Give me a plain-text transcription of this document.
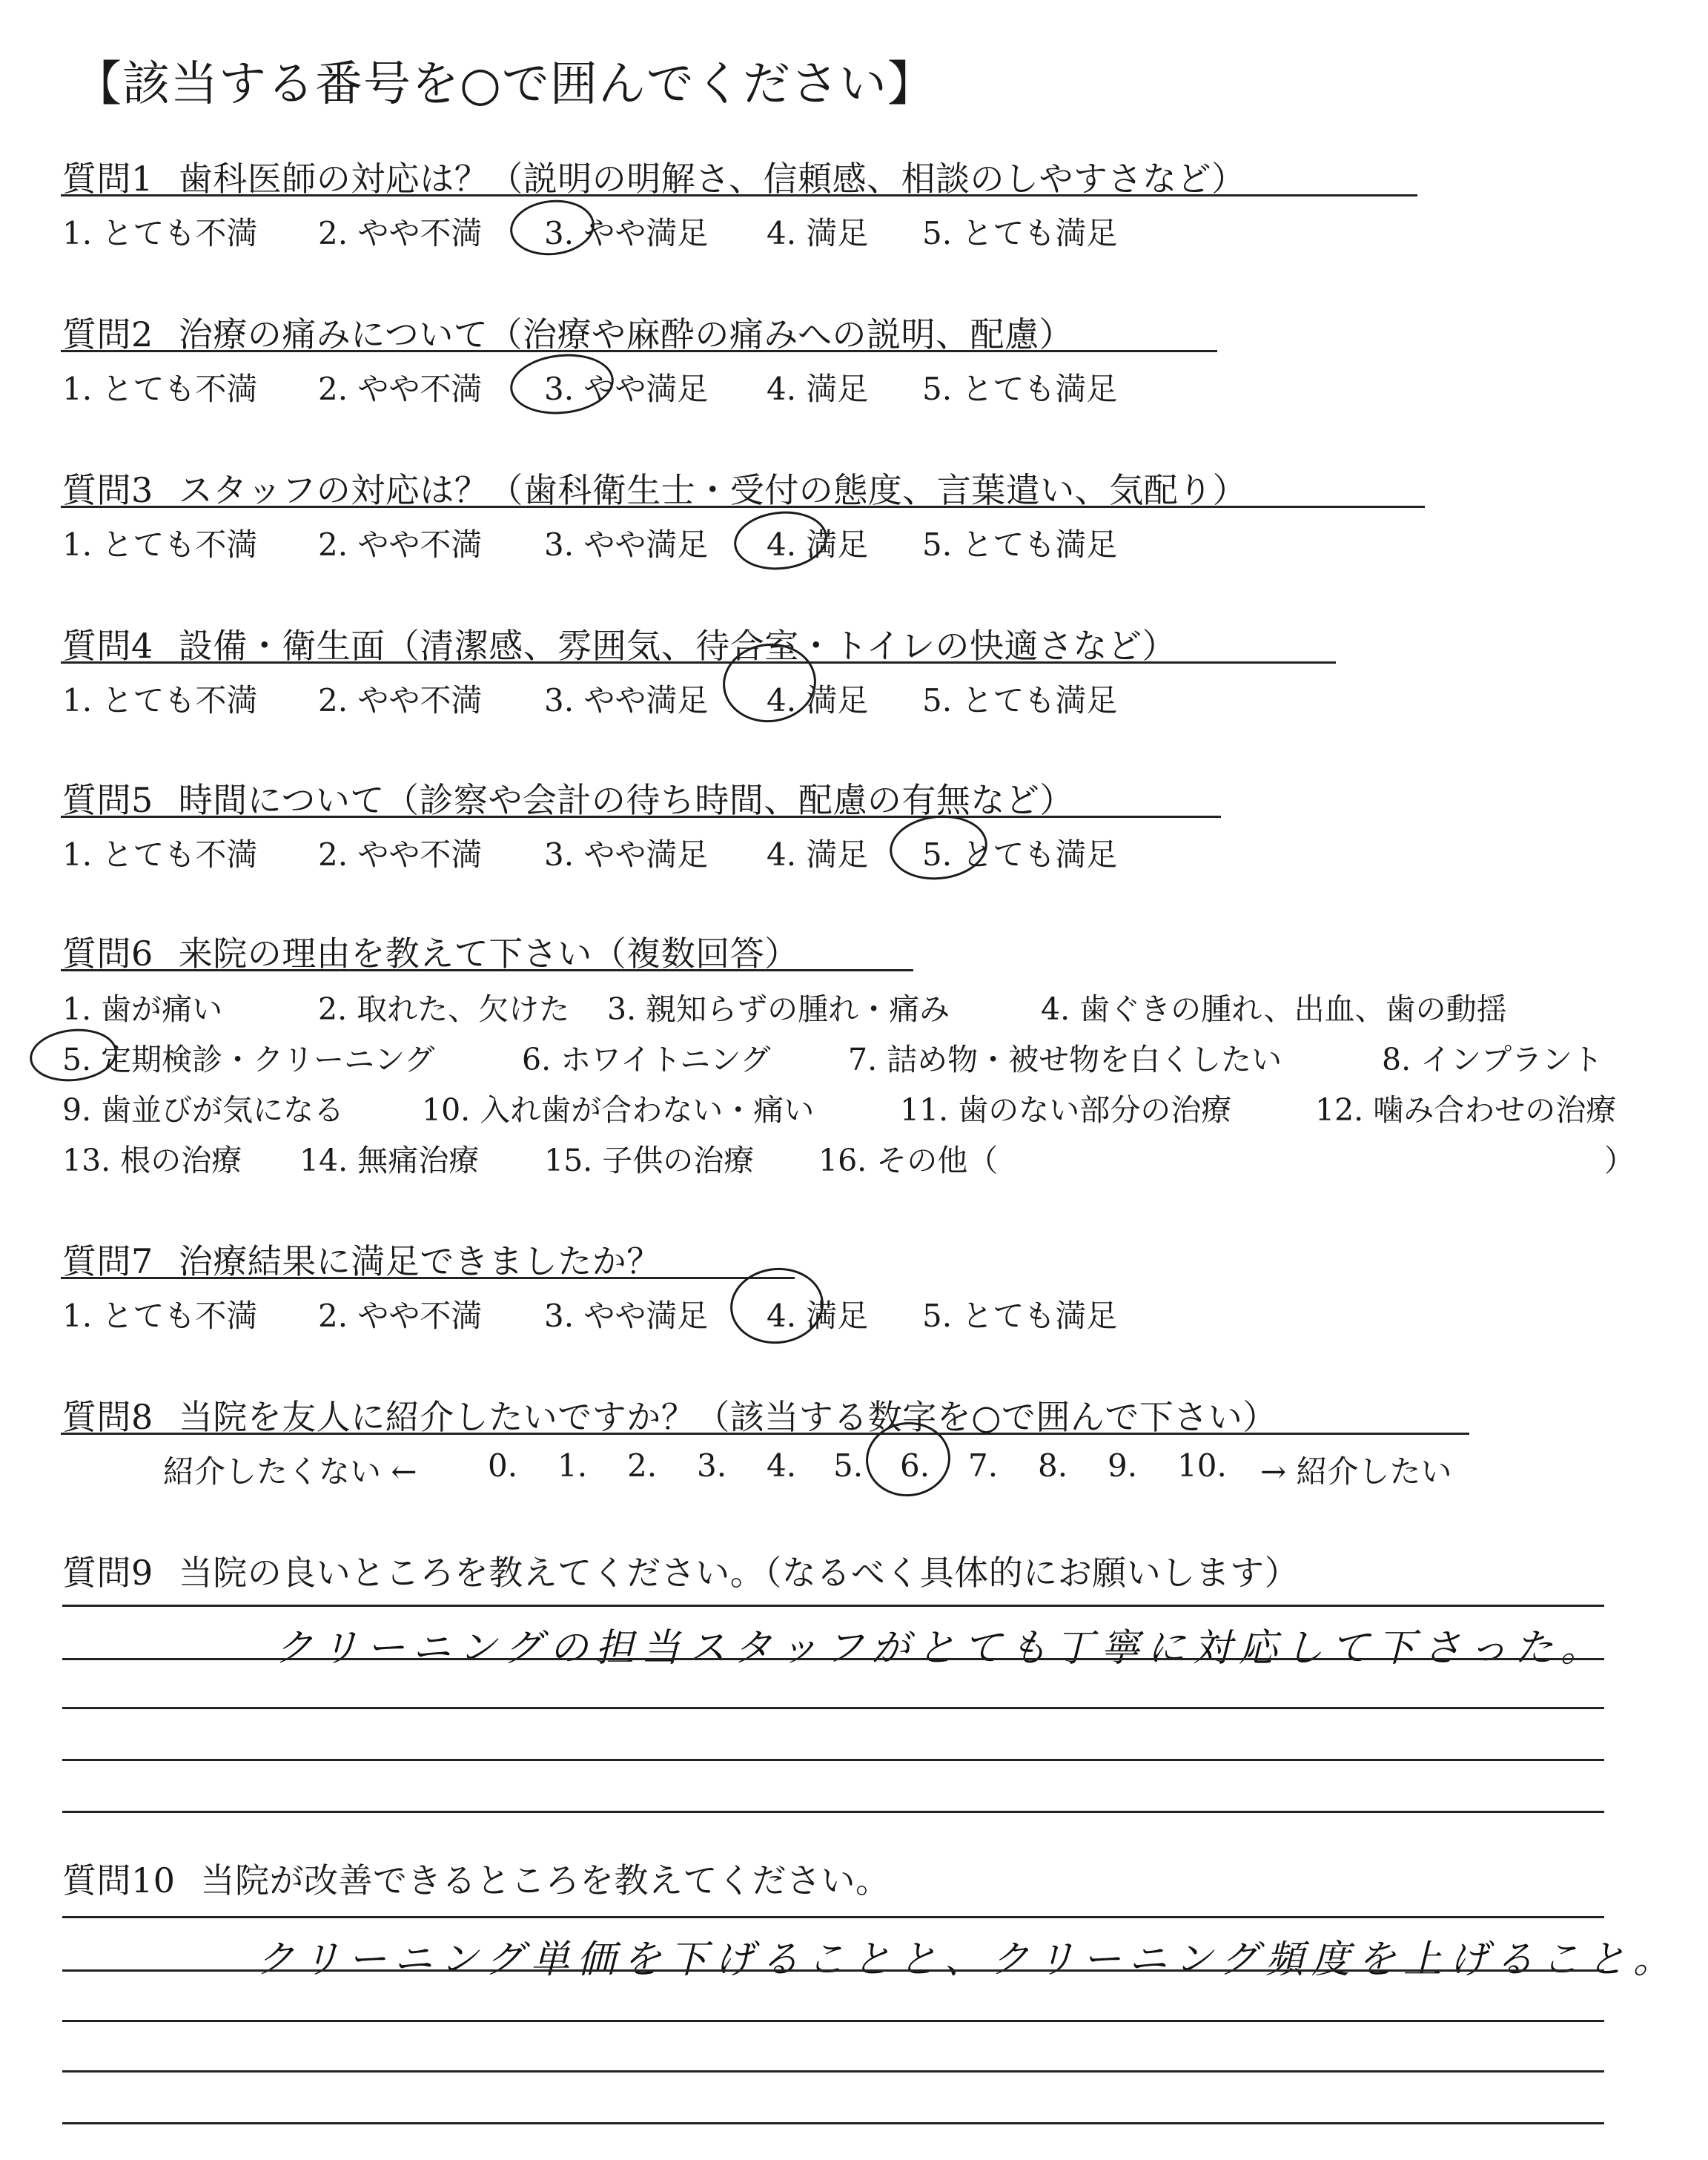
【該当する番号を○で囲んでください】
質問1 歯科医師の対応は？（説明の明解さ、信頼感、相談のしやすさなど）
1. とても不満 2. やや不満 3. やや満足 4. 満足 5. とても満足
質問2 治療の痛みについて（治療や麻酔の痛みへの説明、配慮）
1. とても不満 2. やや不満 3. やや満足 4. 満足 5. とても満足
質問3 スタッフの対応は？（歯科衛生士・受付の態度、言葉遣い、気配り）
1. とても不満 2. やや不満 3. やや満足 4. 満足 5. とても満足
質問4 設備・衛生面（清潔感、雰囲気、待合室・トイレの快適さなど）
1. とても不満 2. やや不満 3. やや満足 4. 満足 5. とても満足
質問5 時間について（診察や会計の待ち時間、配慮の有無など）
1. とても不満 2. やや不満 3. やや満足 4. 満足 5. とても満足
質問6 来院の理由を教えて下さい（複数回答）
1. 歯が痛い	2. 取れた、欠けた 3. 親知らずの腫れ・痛み	4. 歯ぐきの腫れ、出血、歯の動揺
5. 定期検診・クリーニング	6. ホワイトニング	7. 詰め物・被せ物を白くしたい	8. インプラント
9. 歯並びが気になる	10. 入れ歯が合わない・痛い	11. 歯のない部分の治療	12. 噛み合わせの治療
13. 根の治療 14. 無痛治療 15. 子供の治療 16. その他（	）
質問7 治療結果に満足できましたか？
1. とても不満 2. やや不満 3. やや満足 4. 満足 5. とても満足
質問8 当院を友人に紹介したいですか？（該当する数字を○で囲んで下さい）
紹介したくない ← 0. 1. 2. 3. 4. 5. 6. 7. 8. 9. 10. → 紹介したい
質問9 当院の良いところを教えてください。（なるべく具体的にお願いします）
クリーニングの担当スタッフがとても丁寧に対応して下さった。
質問10 当院が改善できるところを教えてください。
クリーニング単価を下げることと、クリーニング頻度を上げること。
